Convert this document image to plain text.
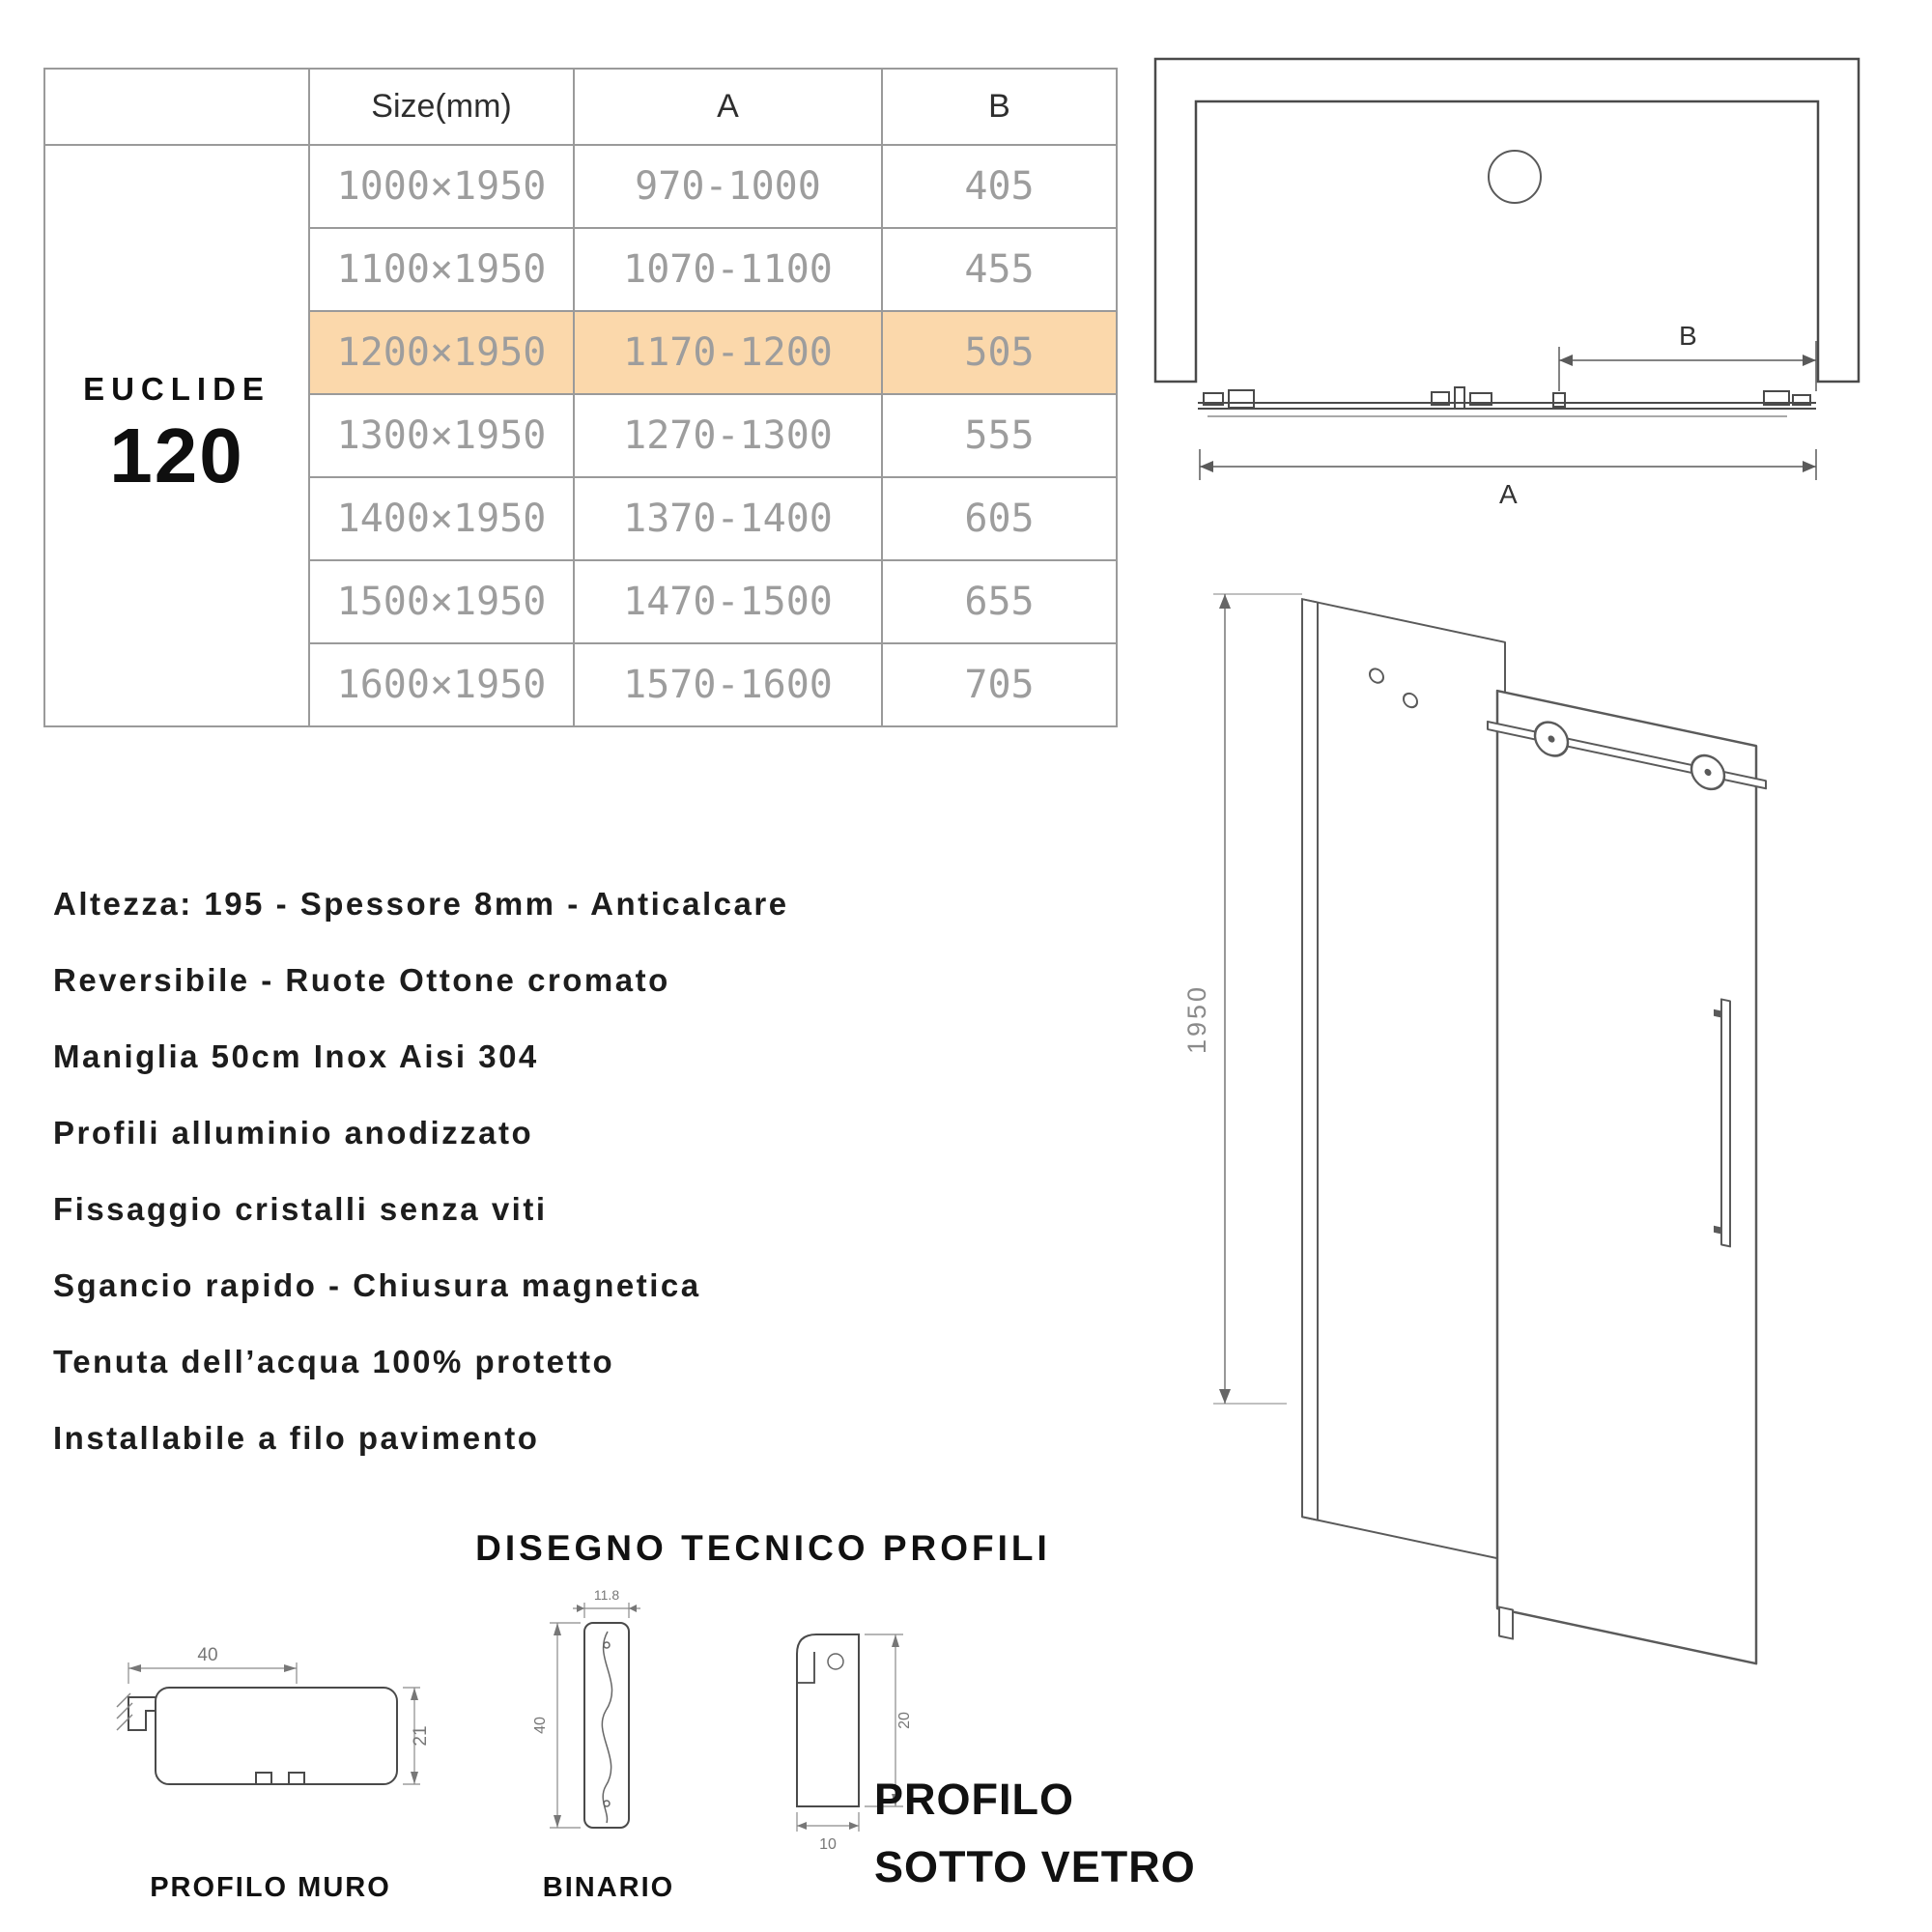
	Size(mm)	A	B

EUCLIDE
120	1000×1950	970-1000	405
	1100×1950	1070-1100	455
	1200×1950	1170-1200	505
	1300×1950	1270-1300	555
	1400×1950	1370-1400	605
	1500×1950	1470-1500	655
	1600×1950	1570-1600	705
Altezza: 195 - Spessore 8mm - Anticalcare
Reversibile - Ruote Ottone cromato
Maniglia 50cm Inox Aisi 304
Profili alluminio anodizzato
Fissaggio cristalli senza viti
Sgancio rapido - Chiusura magnetica
Tenuta dell’acqua 100% protetto
Installabile a filo pavimento
B
A
1950
DISEGNO TECNICO PROFILI
40
21
11.8
40	20
10
PROFILO MURO	BINARIO
PROFILO
SOTTO VETRO
